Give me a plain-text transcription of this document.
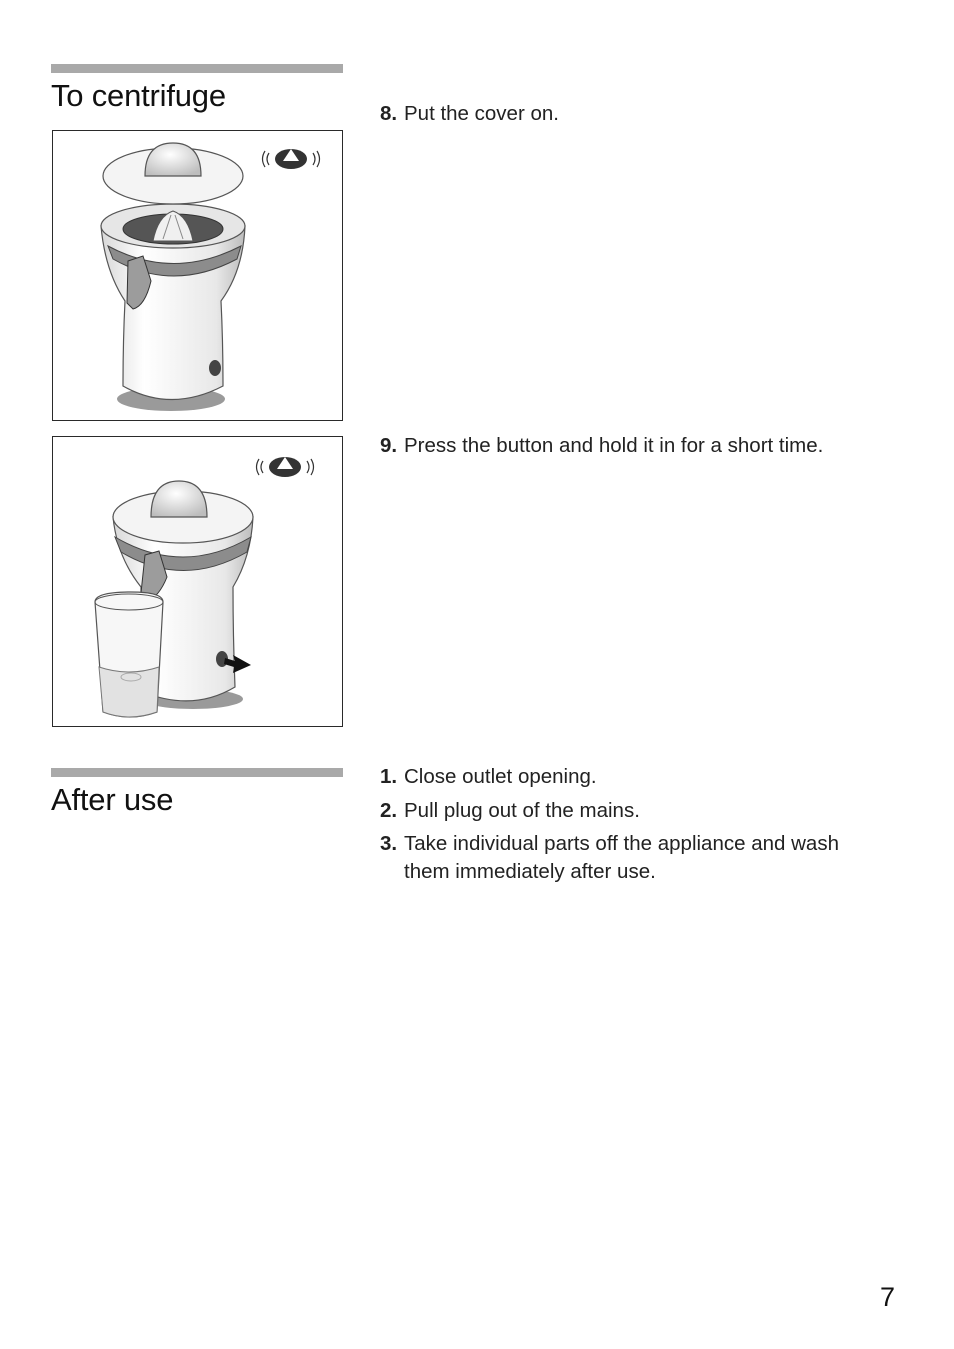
To centrifuge
8. Put the cover on.
9. Press the button and hold it in for a short time.
After use
1. Close outlet opening.
2. Pull plug out of the mains.
3. Take individual parts off the appliance and wash them immediately after use.
7
